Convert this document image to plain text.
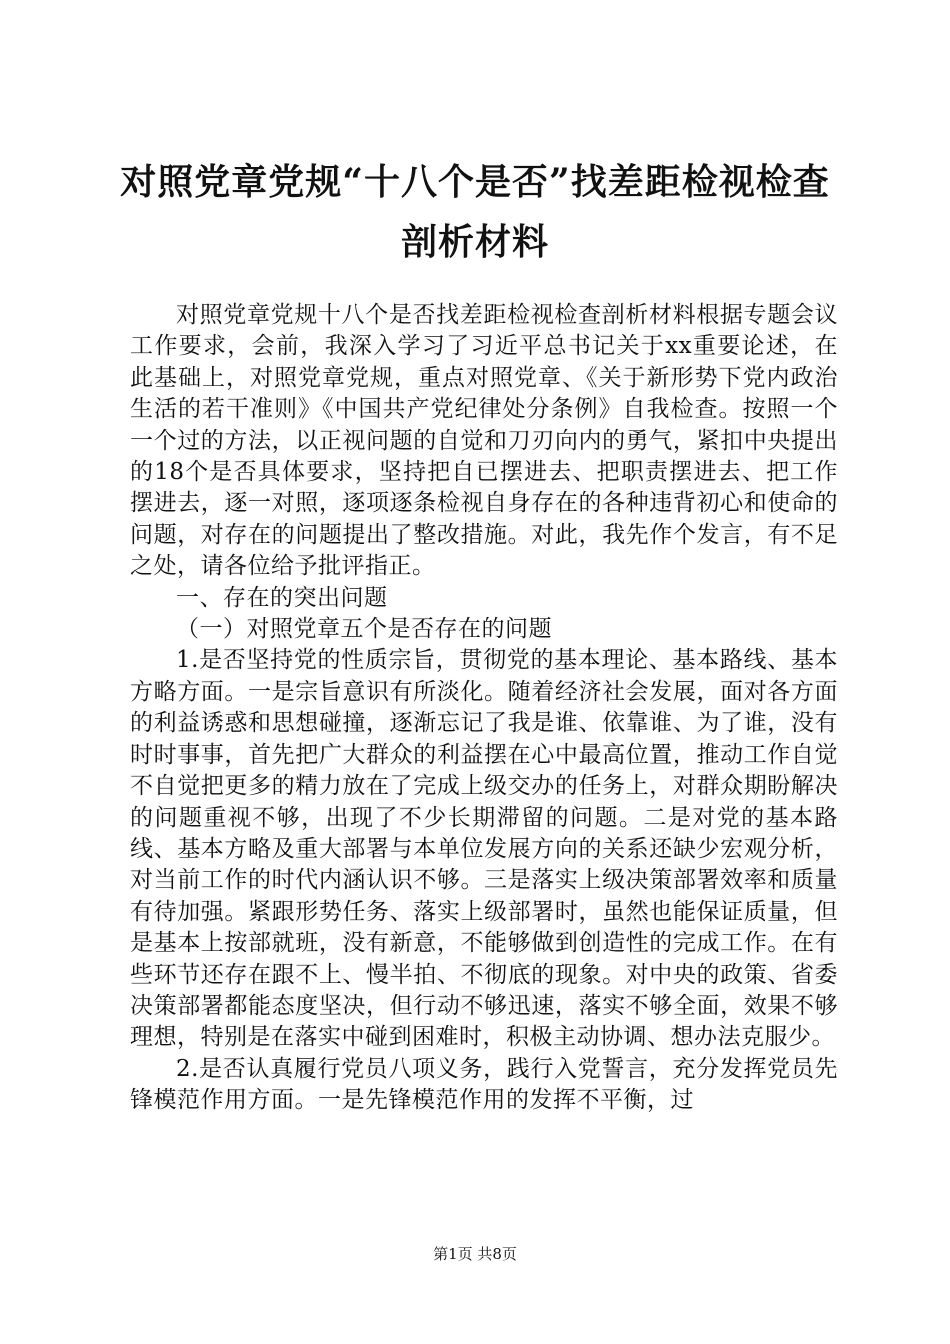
对照党章党规“十八个是否”找差距检视检查
剖析材料

对照党章党规十八个是否找差距检视检查剖析材料根据专题会议工作要求，会前，我深入学习了习近平总书记关于xx重要论述，在此基础上，对照党章党规，重点对照党章、《关于新形势下党内政治生活的若干准则》《中国共产党纪律处分条例》自我检查。按照一个一个过的方法，以正视问题的自觉和刀刃向内的勇气，紧扣中央提出的18个是否具体要求，坚持把自已摆进去、把职责摆进去、把工作摆进去，逐一对照，逐项逐条检视自身存在的各种违背初心和使命的问题，对存在的问题提出了整改措施。对此，我先作个发言，有不足之处，请各位给予批评指正。

一、存在的突出问题

（一）对照党章五个是否存在的问题

1.是否坚持党的性质宗旨，贯彻党的基本理论、基本路线、基本方略方面。一是宗旨意识有所淡化。随着经济社会发展，面对各方面的利益诱惑和思想碰撞，逐渐忘记了我是谁、依靠谁、为了谁，没有时时事事，首先把广大群众的利益摆在心中最高位置，推动工作自觉不自觉把更多的精力放在了完成上级交办的任务上，对群众期盼解决的问题重视不够，出现了不少长期滞留的问题。二是对党的基本路线、基本方略及重大部署与本单位发展方向的关系还缺少宏观分析，对当前工作的时代内涵认识不够。三是落实上级决策部署效率和质量有待加强。紧跟形势任务、落实上级部署时，虽然也能保证质量，但是基本上按部就班，没有新意，不能够做到创造性的完成工作。在有些环节还存在跟不上、慢半拍、不彻底的现象。对中央的政策、省委决策部署都能态度坚决，但行动不够迅速，落实不够全面，效果不够理想，特别是在落实中碰到困难时，积极主动协调、想办法克服少。

2.是否认真履行党员八项义务，践行入党誓言，充分发挥党员先锋模范作用方面。一是先锋模范作用的发挥不平衡，过

第1页 共8页
